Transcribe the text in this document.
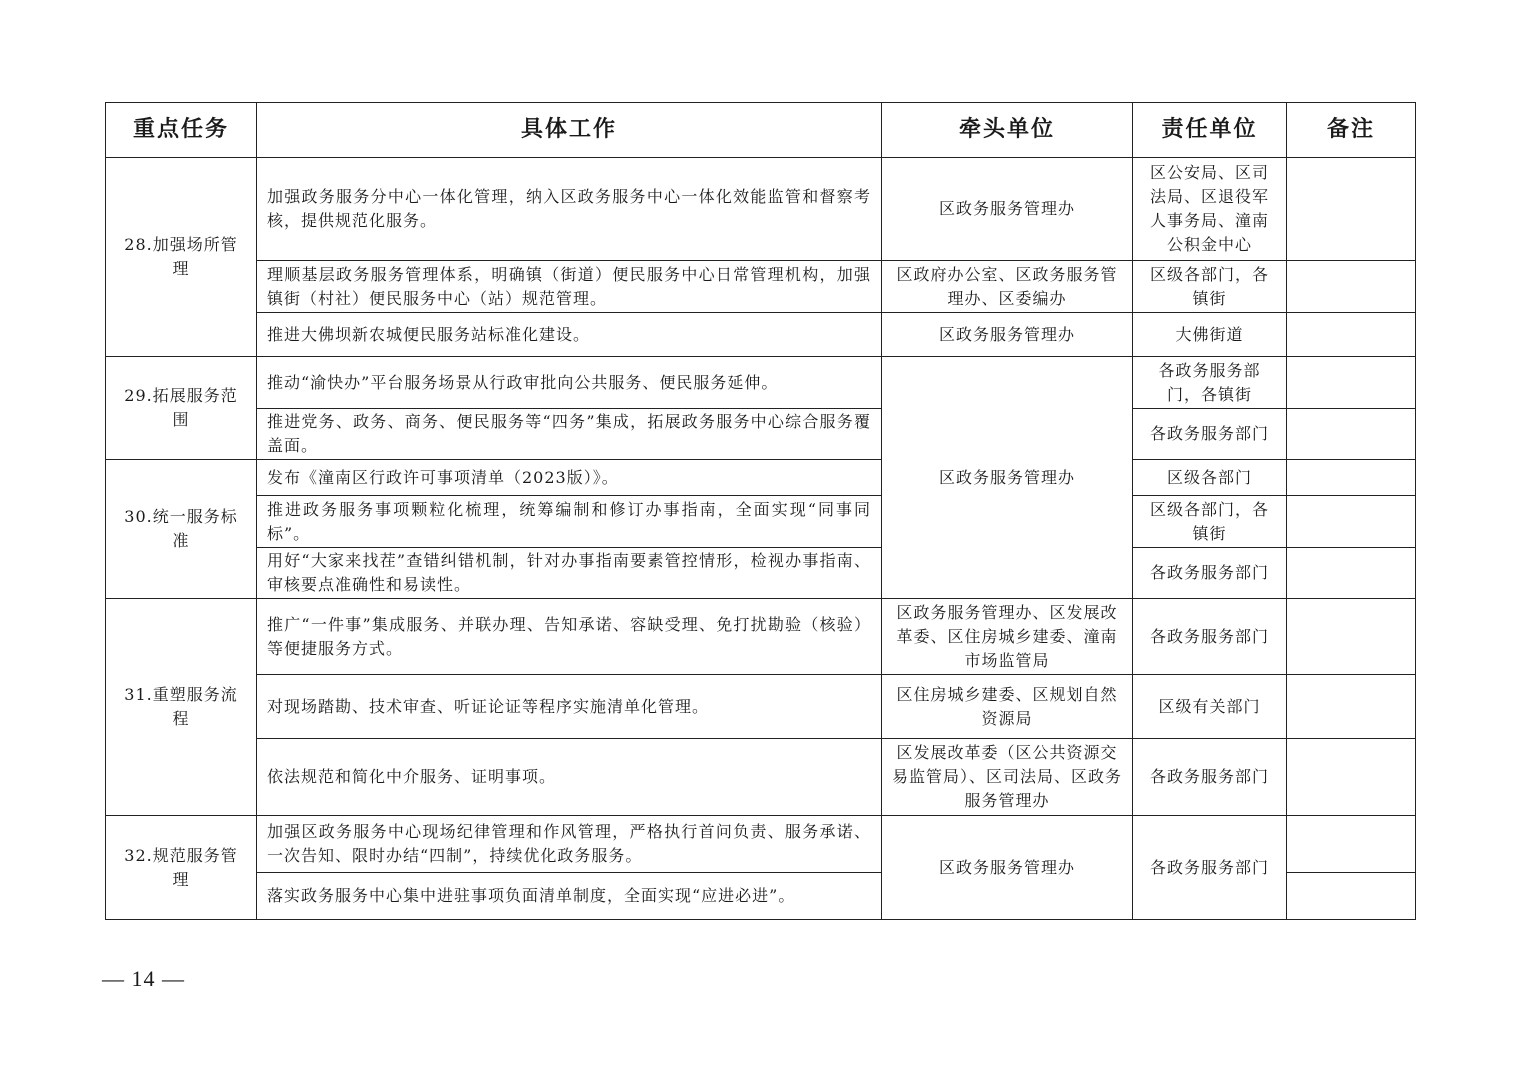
重点任务	具体工作	牵头单位	责任单位	备注
28.加强场所管理	加强政务服务分中心一体化管理，纳入区政务服务中心一体化效能监管和督察考核，提供规范化服务。	区政务服务管理办	区公安局、区司法局、区退役军人事务局、潼南公积金中心	
	理顺基层政务服务管理体系，明确镇（街道）便民服务中心日常管理机构，加强镇街（村社）便民服务中心（站）规范管理。	区政府办公室、区政务服务管理办、区委编办	区级各部门，各镇街	
	推进大佛坝新农城便民服务站标准化建设。	区政务服务管理办	大佛街道	
29.拓展服务范围	推动“渝快办”平台服务场景从行政审批向公共服务、便民服务延伸。	区政务服务管理办	各政务服务部门，各镇街	
	推进党务、政务、商务、便民服务等“四务”集成，拓展政务服务中心综合服务覆盖面。		各政务服务部门	
30.统一服务标准	发布《潼南区行政许可事项清单（2023版）》。		区级各部门	
	推进政务服务事项颗粒化梳理，统筹编制和修订办事指南，全面实现“同事同标”。		区级各部门，各镇街	
	用好“大家来找茬”查错纠错机制，针对办事指南要素管控情形，检视办事指南、审核要点准确性和易读性。		各政务服务部门	
31.重塑服务流程	推广“一件事”集成服务、并联办理、告知承诺、容缺受理、免打扰勘验（核验）等便捷服务方式。	区政务服务管理办、区发展改革委、区住房城乡建委、潼南市场监管局	各政务服务部门	
	对现场踏勘、技术审查、听证论证等程序实施清单化管理。	区住房城乡建委、区规划自然资源局	区级有关部门	
	依法规范和简化中介服务、证明事项。	区发展改革委（区公共资源交易监管局）、区司法局、区政务服务管理办	各政务服务部门	
32.规范服务管理	加强区政务服务中心现场纪律管理和作风管理，严格执行首问负责、服务承诺、一次告知、限时办结“四制”，持续优化政务服务。	区政务服务管理办	各政务服务部门	
	落实政务服务中心集中进驻事项负面清单制度，全面实现“应进必进”。			
— 14 —
